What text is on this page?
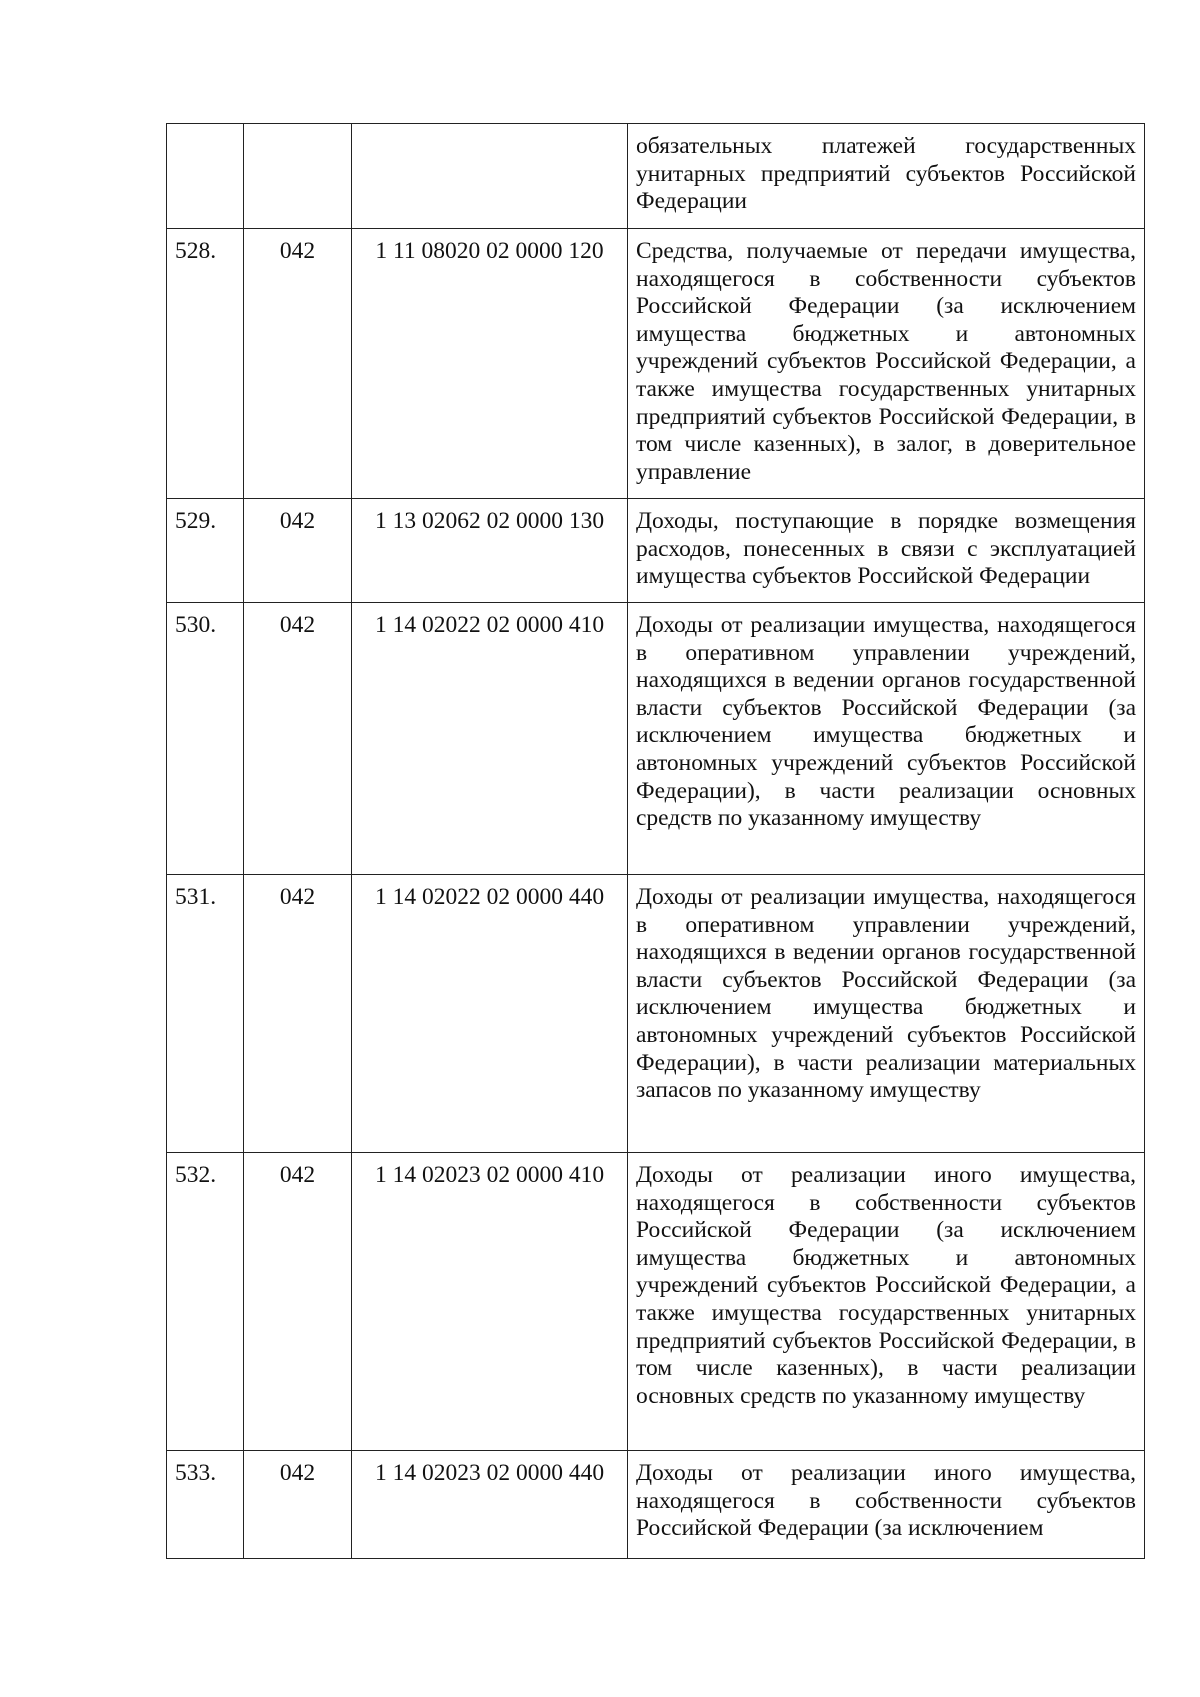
			обязательных платежей государственных унитарных предприятий субъектов Российской Федерации
528.	042	1 11 08020 02 0000 120	Средства, получаемые от передачи имущества, находящегося в собственности субъектов Российской Федерации (за исключением имущества бюджетных и автономных учреждений субъектов Российской Федерации, а также имущества государственных унитарных предприятий субъектов Российской Федерации, в том числе казенных), в залог, в доверительное управление
529.	042	1 13 02062 02 0000 130	Доходы, поступающие в порядке возмещения расходов, понесенных в связи с эксплуатацией имущества субъектов Российской Федерации
530.	042	1 14 02022 02 0000 410	Доходы от реализации имущества, находящегося в оперативном управлении учреждений, находящихся в ведении органов государственной власти субъектов Российской Федерации (за исключением имущества бюджетных и автономных учреждений субъектов Российской Федерации), в части реализации основных средств по указанному имуществу
531.	042	1 14 02022 02 0000 440	Доходы от реализации имущества, находящегося в оперативном управлении учреждений, находящихся в ведении органов государственной власти субъектов Российской Федерации (за исключением имущества бюджетных и автономных учреждений субъектов Российской Федерации), в части реализации материальных запасов по указанному имуществу
532.	042	1 14 02023 02 0000 410	Доходы от реализации иного имущества, находящегося в собственности субъектов Российской Федерации (за исключением имущества бюджетных и автономных учреждений субъектов Российской Федерации, а также имущества государственных унитарных предприятий субъектов Российской Федерации, в том числе казенных), в части реализации основных средств по указанному имуществу
533.	042	1 14 02023 02 0000 440	Доходы от реализации иного имущества, находящегося в собственности субъектов Российской Федерации (за исключением
